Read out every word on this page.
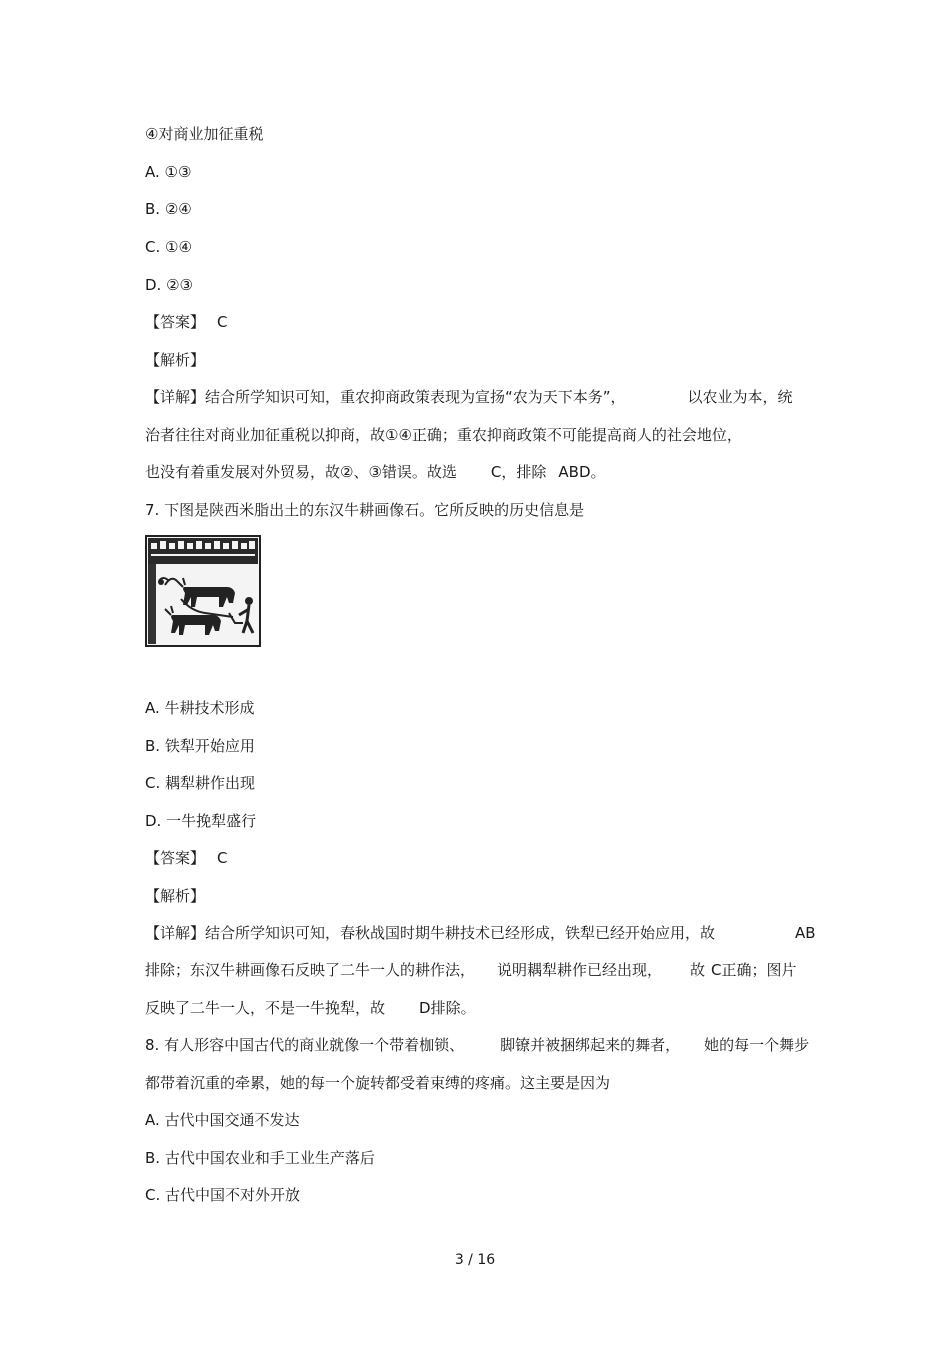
④对商业加征重税
A. ①③
B. ②④
C. ①④
D. ②③
【答案】 C
【解析】
【详解】结合所学知识可知，重农抑商政策表现为宣扬“农为天下本务”，	以农业为本，统
治者往往对商业加征重税以抑商，故①④正确；重农抑商政策不可能提高商人的社会地位，
也没有着重发展对外贸易，故②、③错误。故选 C，排除 ABD。
7. 下图是陕西米脂出土的东汉牛耕画像石。它所反映的历史信息是
A. 牛耕技术形成
B. 铁犁开始应用
C. 耦犁耕作出现
D. 一牛挽犁盛行
【答案】 C
【解析】
【详解】结合所学知识可知，春秋战国时期牛耕技术已经形成，铁犁已经开始应用，故	AB
排除；东汉牛耕画像石反映了二牛一人的耕作法， 说明耦犁耕作已经出现， 故 C正确；图片
反映了二牛一人，不是一牛挽犁，故 D排除。
8. 有人形容中国古代的商业就像一个带着枷锁、 脚镣并被捆绑起来的舞者， 她的每一个舞步
都带着沉重的牵累，她的每一个旋转都受着束缚的疼痛。这主要是因为
A. 古代中国交通不发达
B. 古代中国农业和手工业生产落后
C. 古代中国不对外开放
3 / 16
